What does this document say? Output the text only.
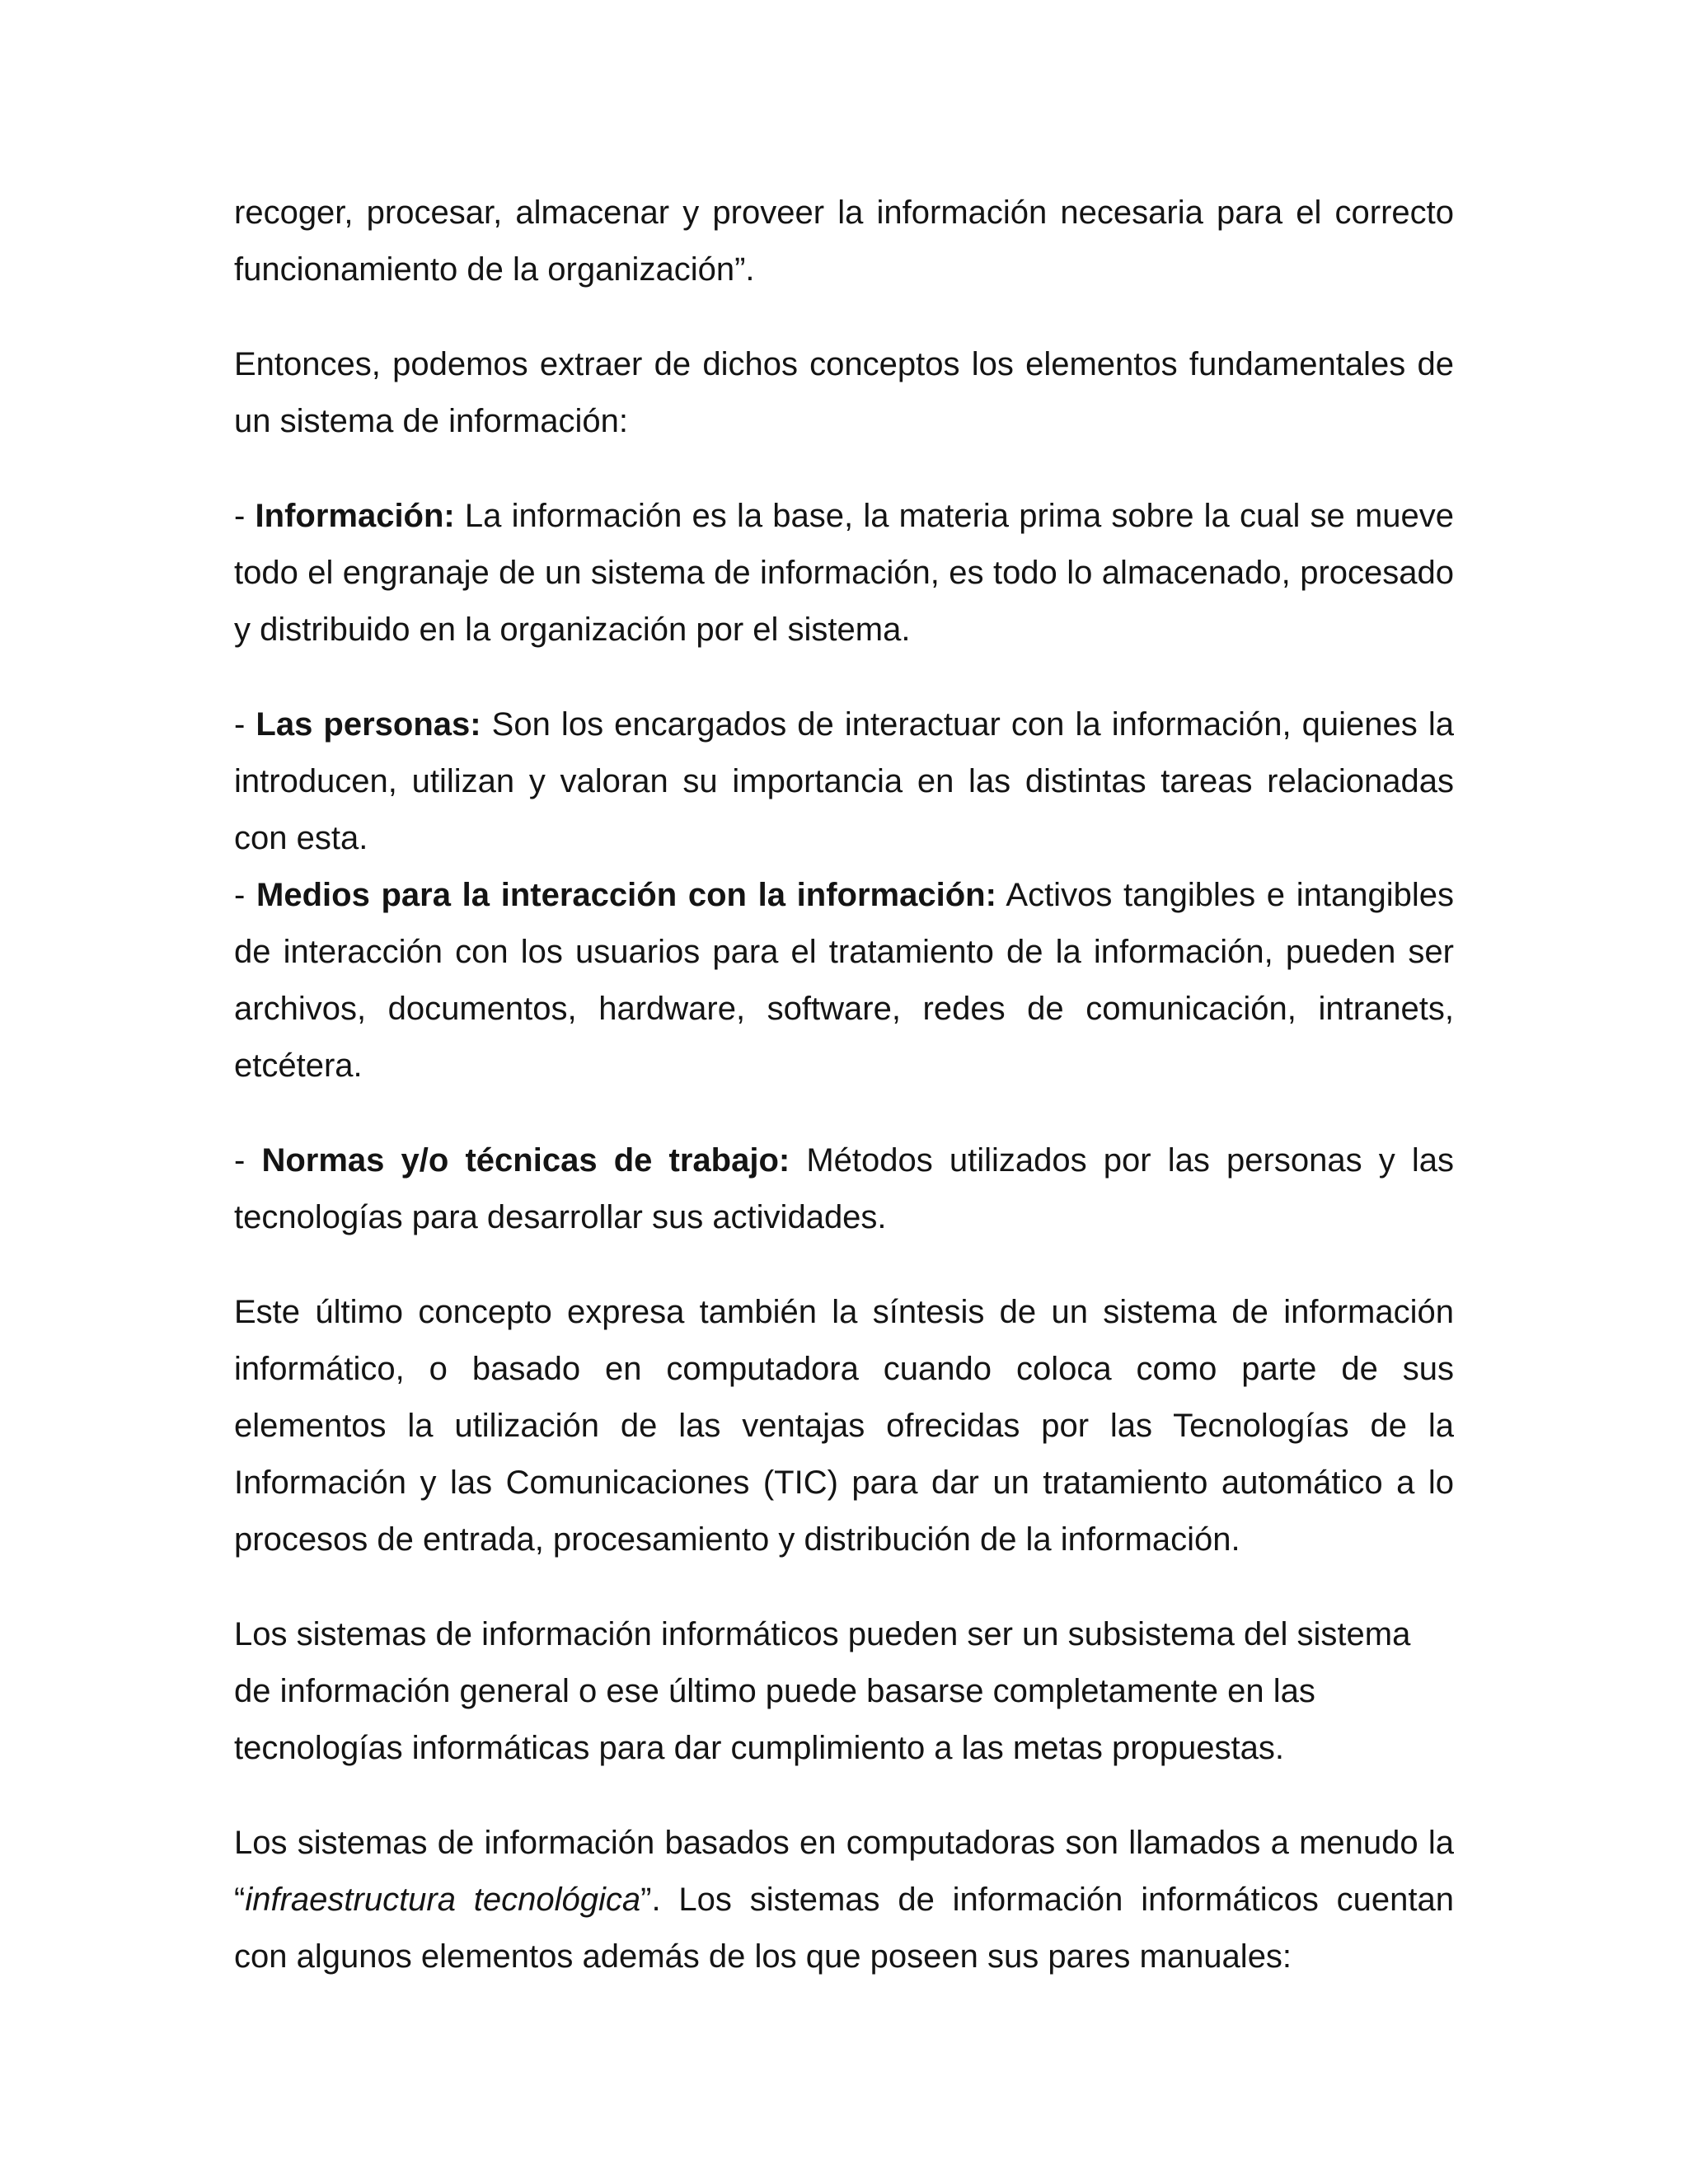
recoger, procesar, almacenar y proveer la información necesaria para el correcto funcionamiento de la organización”.

Entonces, podemos extraer de dichos conceptos los elementos fundamentales de un sistema de información:

- Información: La información es la base, la materia prima sobre la cual se mueve todo el engranaje de un sistema de información, es todo lo almacenado, procesado y distribuido en la organización por el sistema.

- Las personas: Son los encargados de interactuar con la información, quienes la introducen, utilizan y valoran su importancia en las distintas tareas relacionadas con esta.

- Medios para la interacción con la información: Activos tangibles e intangibles de interacción con los usuarios para el tratamiento de la información, pueden ser archivos, documentos, hardware, software, redes de comunicación, intranets, etcétera.

- Normas y/o técnicas de trabajo: Métodos utilizados por las personas y las tecnologías para desarrollar sus actividades.

Este último concepto expresa también la síntesis de un sistema de información informático, o basado en computadora cuando coloca como parte de sus elementos la utilización de las ventajas ofrecidas por las Tecnologías de la Información y las Comunicaciones (TIC) para dar un tratamiento automático a lo procesos de entrada, procesamiento y distribución de la información.

Los sistemas de información informáticos pueden ser un subsistema del sistema de información general o ese último puede basarse completamente en las tecnologías informáticas para dar cumplimiento a las metas propuestas.

Los sistemas de información basados en computadoras son llamados a menudo la “infraestructura tecnológica”. Los sistemas de información informáticos cuentan con algunos elementos además de los que poseen sus pares manuales:
